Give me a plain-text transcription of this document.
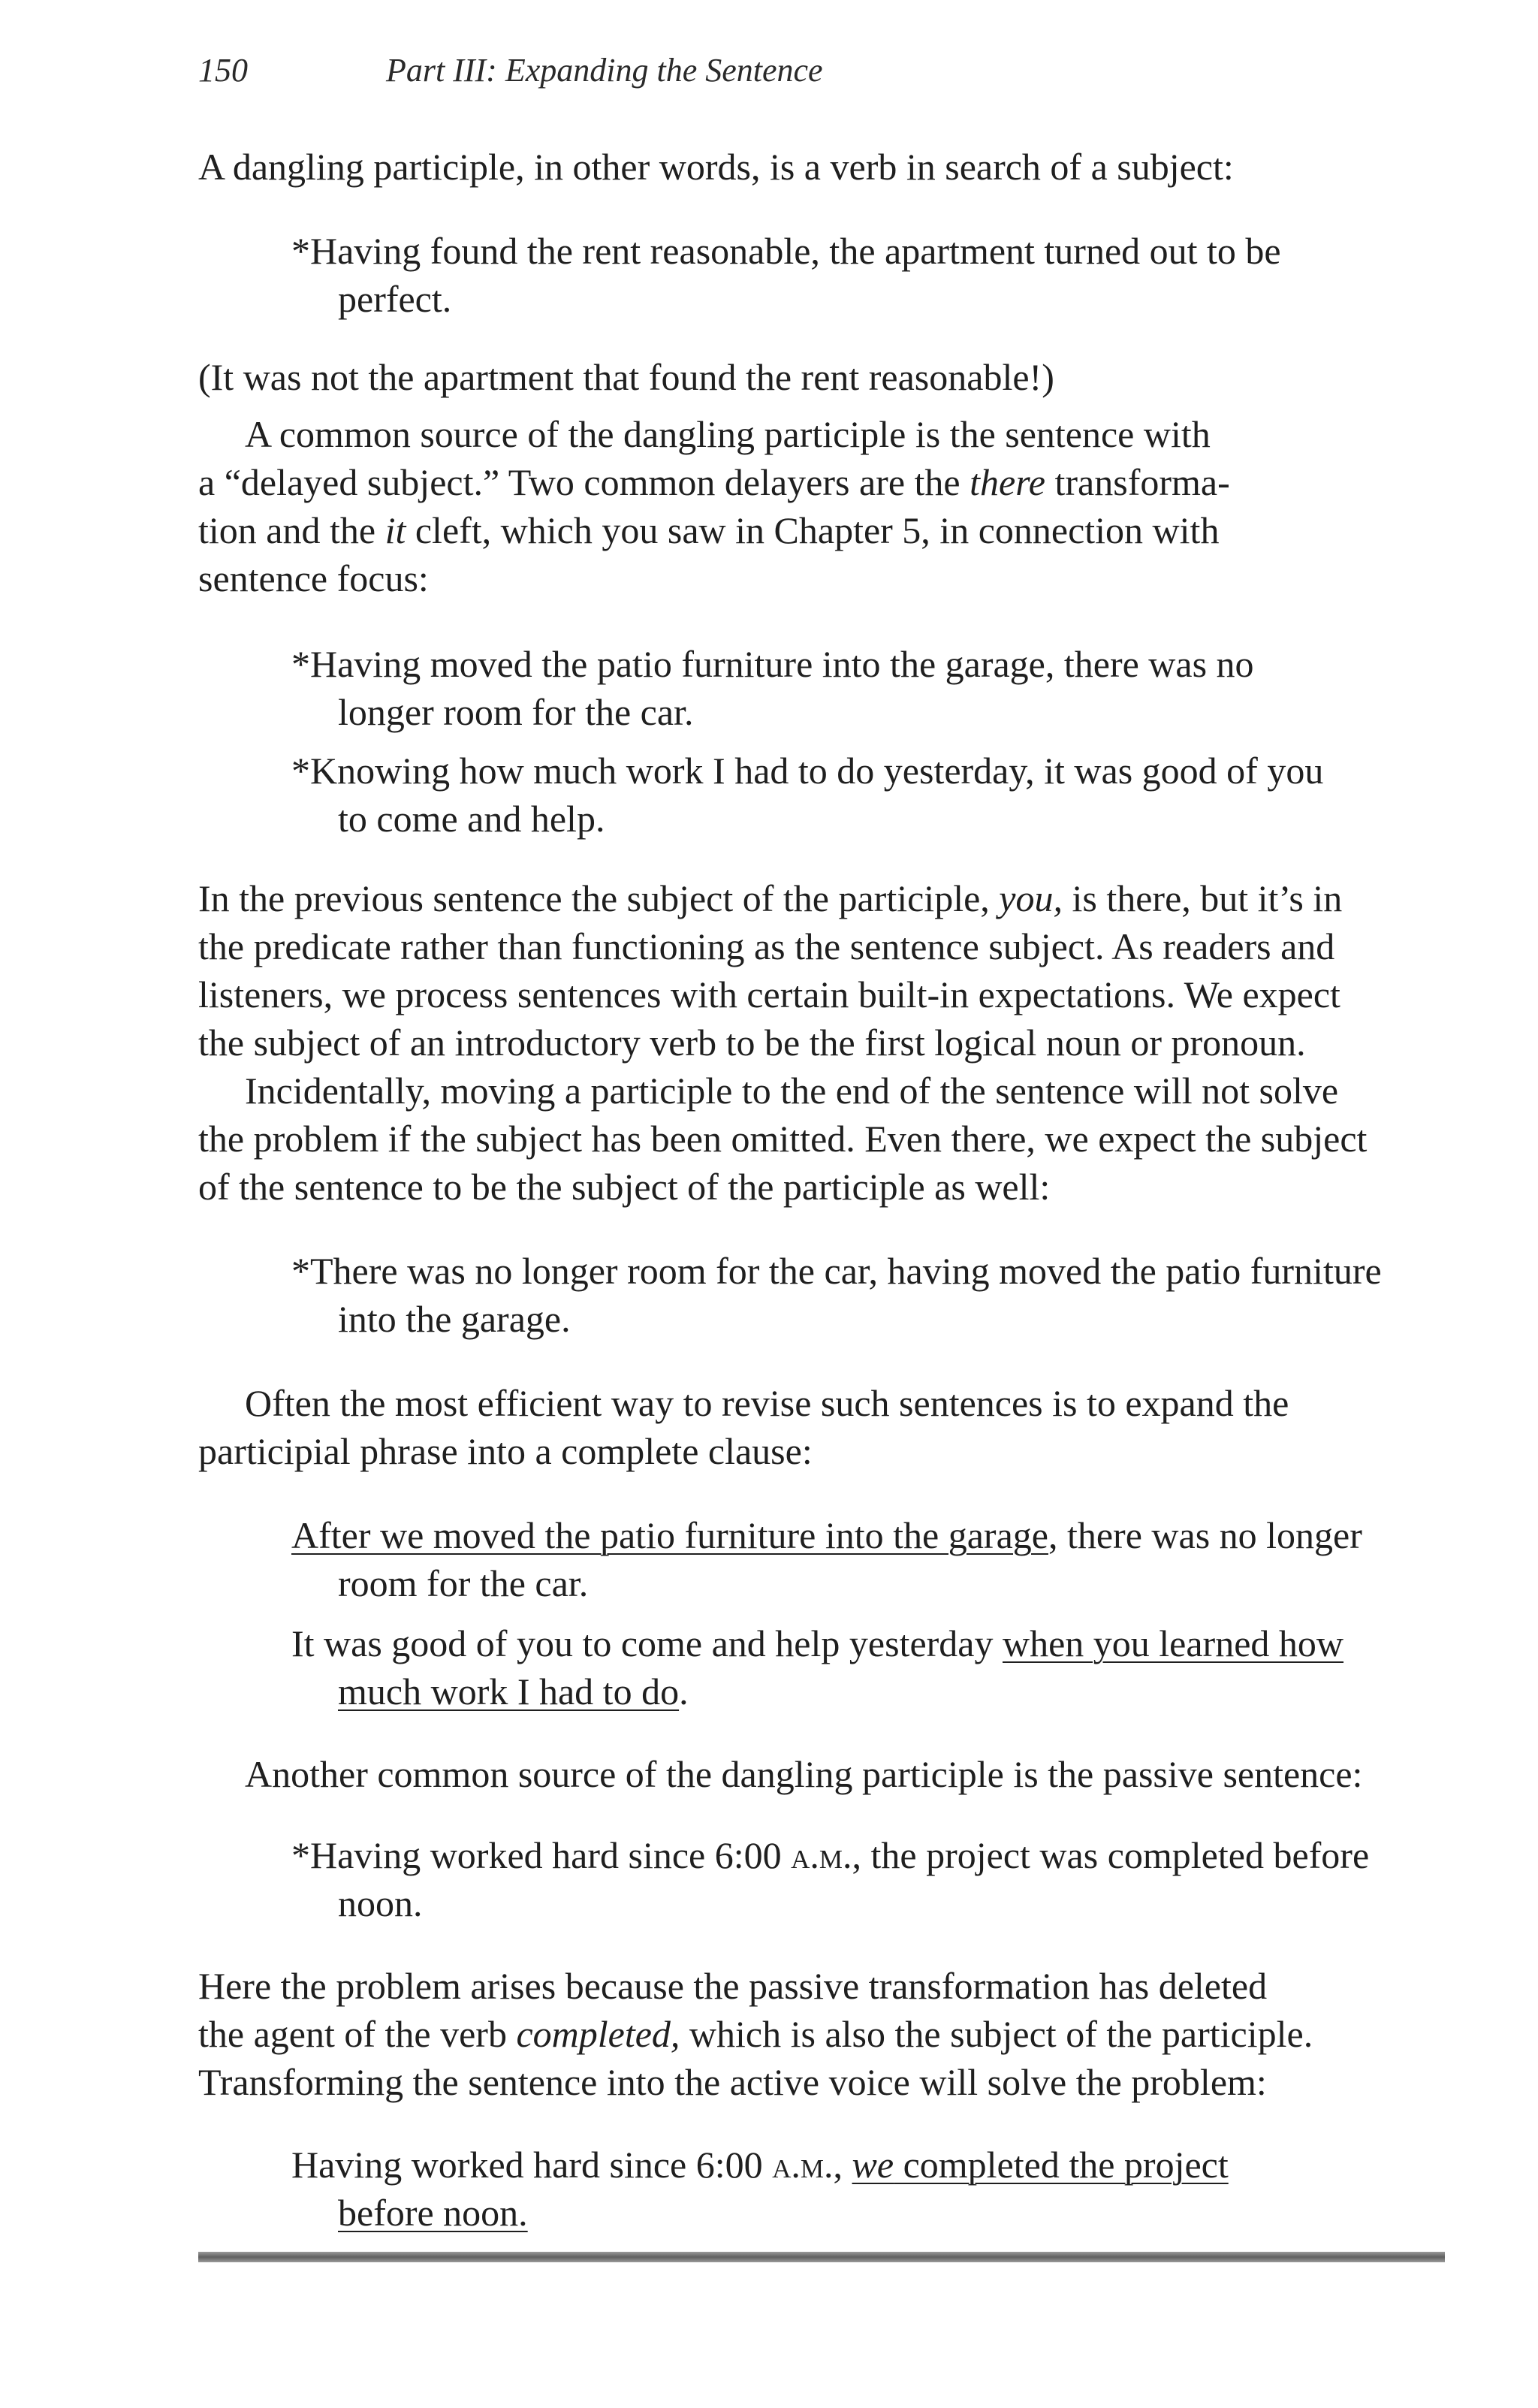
150	Part III: Expanding the Sentence
A dangling participle, in other words, is a verb in search of a subject:
*Having found the rent reasonable, the apartment turned out to be
perfect.
(It was not the apartment that found the rent reasonable!)
A common source of the dangling participle is the sentence with
a “delayed subject.” Two common delayers are the there transforma-
tion and the it cleft, which you saw in Chapter 5, in connection with
sentence focus:
*Having moved the patio furniture into the garage, there was no
longer room for the car.
*Knowing how much work I had to do yesterday, it was good of you
to come and help.
In the previous sentence the subject of the participle, you, is there, but it’s in
the predicate rather than functioning as the sentence subject. As readers and
listeners, we process sentences with certain built-in expectations. We expect
the subject of an introductory verb to be the first logical noun or pronoun.
Incidentally, moving a participle to the end of the sentence will not solve
the problem if the subject has been omitted. Even there, we expect the subject
of the sentence to be the subject of the participle as well:
*There was no longer room for the car, having moved the patio furniture
into the garage.
Often the most efficient way to revise such sentences is to expand the
participial phrase into a complete clause:
After we moved the patio furniture into the garage, there was no longer
room for the car.
It was good of you to come and help yesterday when you learned how
much work I had to do.
Another common source of the dangling participle is the passive sentence:
*Having worked hard since 6:00 a.m., the project was completed before
noon.
Here the problem arises because the passive transformation has deleted
the agent of the verb completed, which is also the subject of the participle.
Transforming the sentence into the active voice will solve the problem:
Having worked hard since 6:00 a.m., we completed the project
before noon.
